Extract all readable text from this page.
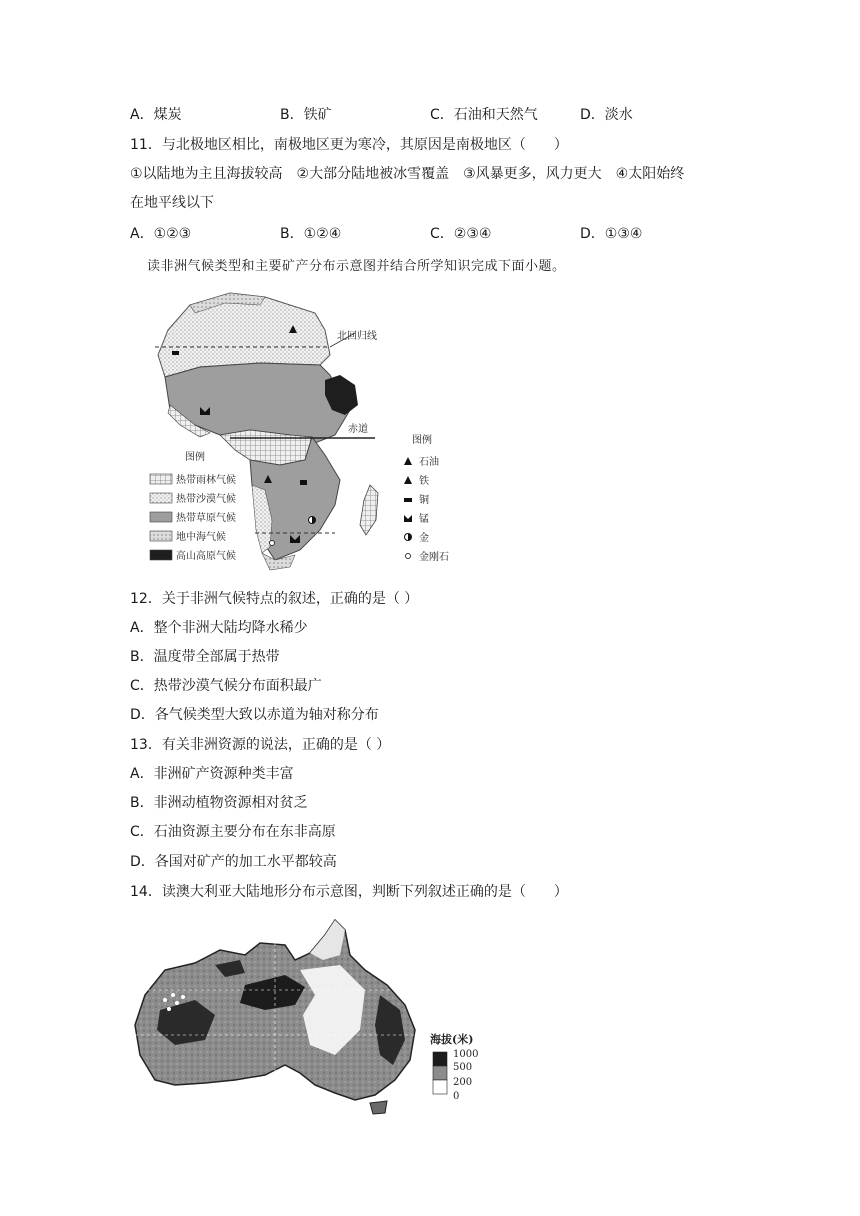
A．煤炭	B．铁矿	C．石油和天然气	D．淡水
11．与北极地区相比，南极地区更为寒冷，其原因是南极地区（　　）
①以陆地为主且海拔较高　②大部分陆地被冰雪覆盖　③风暴更多，风力更大　④太阳始终
在地平线以下
A．①②③	B．①②④	C．②③④	D．①③④
读非洲气候类型和主要矿产分布示意图并结合所学知识完成下面小题。
北回归线
赤道
图例
热带雨林气候
热带沙漠气候
热带草原气候
地中海气候
高山高原气候
图例
石油
铁
铜
锰
金
金刚石
12．关于非洲气候特点的叙述，正确的是（ ）
A．整个非洲大陆均降水稀少
B．温度带全部属于热带
C．热带沙漠气候分布面积最广
D．各气候类型大致以赤道为轴对称分布
13．有关非洲资源的说法，正确的是（ ）
A．非洲矿产资源种类丰富
B．非洲动植物资源相对贫乏
C．石油资源主要分布在东非高原
D．各国对矿产的加工水平都较高
14．读澳大利亚大陆地形分布示意图，判断下列叙述正确的是（　　）
海拔(米)
1000
500
200
0
